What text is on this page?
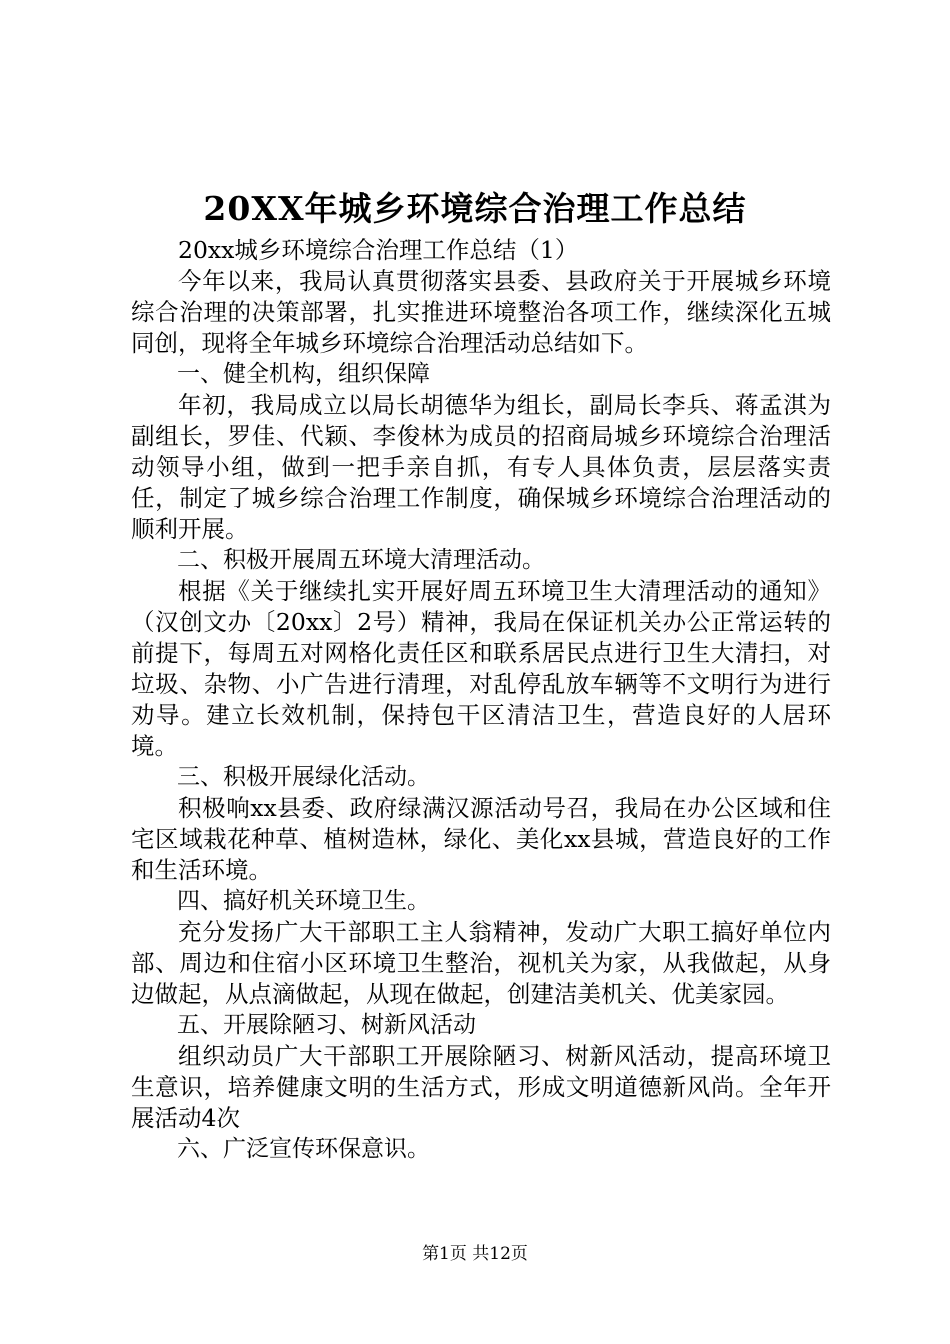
20XX年城乡环境综合治理工作总结

20xx城乡环境综合治理工作总结（1）

今年以来，我局认真贯彻落实县委、县政府关于开展城乡环境综合治理的决策部署，扎实推进环境整治各项工作，继续深化五城同创，现将全年城乡环境综合治理活动总结如下。

一、健全机构，组织保障

年初，我局成立以局长胡德华为组长，副局长李兵、蒋孟淇为副组长，罗佳、代颖、李俊林为成员的招商局城乡环境综合治理活动领导小组，做到一把手亲自抓，有专人具体负责，层层落实责任，制定了城乡综合治理工作制度，确保城乡环境综合治理活动的顺利开展。

二、积极开展周五环境大清理活动。

根据《关于继续扎实开展好周五环境卫生大清理活动的通知》（汉创文办〔20xx〕2号）精神，我局在保证机关办公正常运转的前提下，每周五对网格化责任区和联系居民点进行卫生大清扫，对垃圾、杂物、小广告进行清理，对乱停乱放车辆等不文明行为进行劝导。建立长效机制，保持包干区清洁卫生，营造良好的人居环境。

三、积极开展绿化活动。

积极响xx县委、政府绿满汉源活动号召，我局在办公区域和住宅区域栽花种草、植树造林，绿化、美化xx县城，营造良好的工作和生活环境。

四、搞好机关环境卫生。

充分发扬广大干部职工主人翁精神，发动广大职工搞好单位内部、周边和住宿小区环境卫生整治，视机关为家，从我做起，从身边做起，从点滴做起，从现在做起，创建洁美机关、优美家园。

五、开展除陋习、树新风活动

组织动员广大干部职工开展除陋习、树新风活动，提高环境卫生意识，培养健康文明的生活方式，形成文明道德新风尚。全年开展活动4次

六、广泛宣传环保意识。

第1页 共12页
